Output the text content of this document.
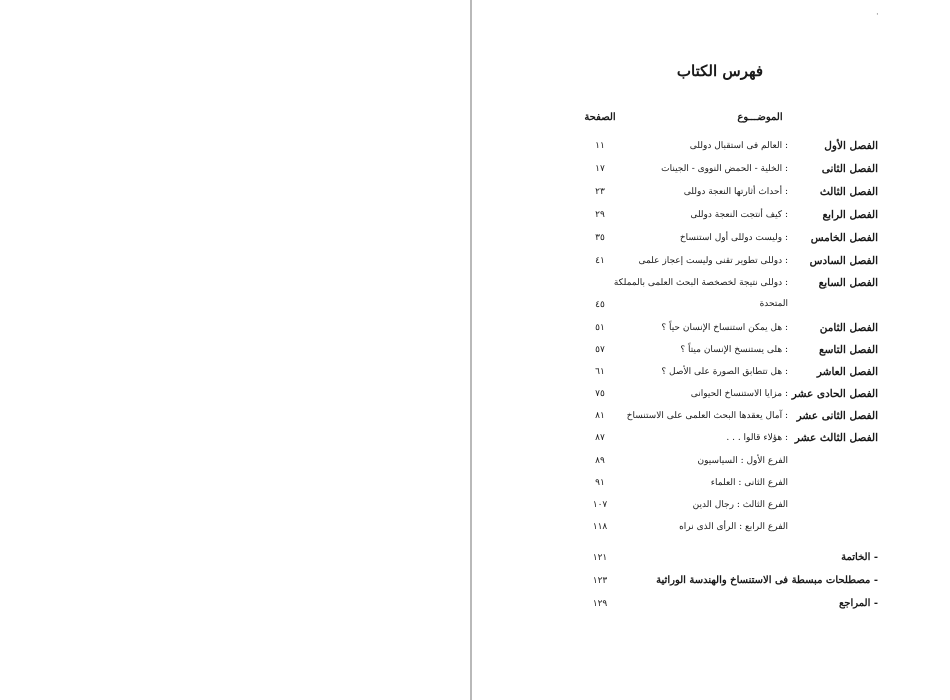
·
فهرس الكتاب
الموضـــوع
الصفحة
الفصل الأول
: العالم فى استقبال دوللى
١١
الفصل الثانى
: الخلية - الحمض النووى - الجينات
١٧
الفصل الثالث
: أحداث أثارتها النعجة دوللى
٢٣
الفصل الرابع
: كيف أنتجت النعجة دوللى
٢٩
الفصل الخامس
: وليست دوللى أول استنساخ
٣٥
الفصل السادس
: دوللى تطوير تقنى وليست إعجاز علمى
٤١
الفصل السابع
: دوللى نتيجة لخصخصة البحث العلمى بالمملكة
المتحدة
٤٥
الفصل الثامن
: هل يمكن استنساخ الإنسان حياً ؟
٥١
الفصل التاسع
: هلى يستنسخ الإنسان ميتاً ؟
٥٧
الفصل العاشر
: هل تتطابق الصورة على الأصل ؟
٦١
الفصل الحادى عشر
: مزايا الاستنساخ الحيوانى
٧٥
الفصل الثانى عشر
: آمال يعقدها البحث العلمى على الاستنساخ
٨١
الفصل الثالث عشر
: هؤلاء قالوا . . .
٨٧
الفرع الأول : السياسيون
٨٩
الفرع الثانى : العلماء
٩١
الفرع الثالث : رجال الدين
١٠٧
الفرع الرابع : الرأى الذى نراه
١١٨
- الخاتمة
١٢١
- مصطلحات مبسطة فى الاستنساخ والهندسة الوراثية
١٢٣
- المراجع
١٢٩
